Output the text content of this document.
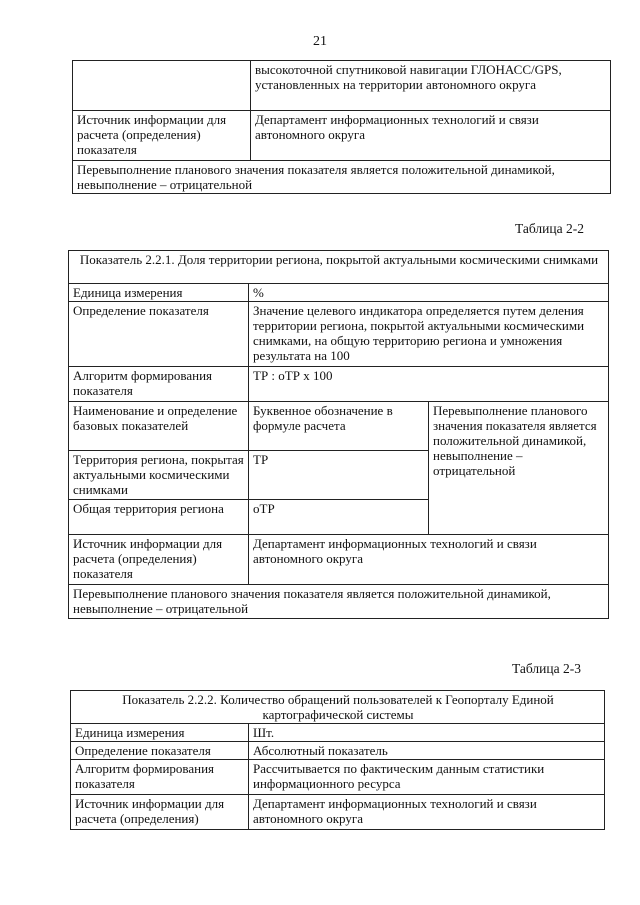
21
	высокоточной спутниковой навигации ГЛОНАСС/GPS, установленных на территории автономного округа
Источник информации для расчета (определения) показателя	Департамент информационных технологий и связи автономного округа
Перевыполнение планового значения показателя является положительной динамикой, невыполнение – отрицательной	
Таблица 2-2
Показатель 2.2.1. Доля территории региона, покрытой актуальными космическими снимками		
Единица измерения	%	
Определение показателя	Значение целевого индикатора определяется путем деления территории региона, покрытой актуальными космическими снимками, на общую территорию региона и умножения результата на 100	
Алгоритм формирования показателя	ТР : оТР х 100	
Наименование и определение базовых показателей	Буквенное обозначение в формуле расчета	Перевыполнение планового значения показателя является положительной динамикой, невыполнение – отрицательной
Территория региона, покрытая актуальными космическими снимками	ТР	
Общая территория региона	оТР	
Источник информации для расчета (определения) показателя	Департамент информационных технологий и связи автономного округа	
Перевыполнение планового значения показателя является положительной динамикой, невыполнение – отрицательной		
Таблица 2-3
Показатель 2.2.2. Количество обращений пользователей к Геопорталу Единой картографической системы	
Единица измерения	Шт.
Определение показателя	Абсолютный показатель
Алгоритм формирования показателя	Рассчитывается по фактическим данным статистики информационного ресурса
Источник информации для расчета (определения)	Департамент информационных технологий и связи автономного округа
